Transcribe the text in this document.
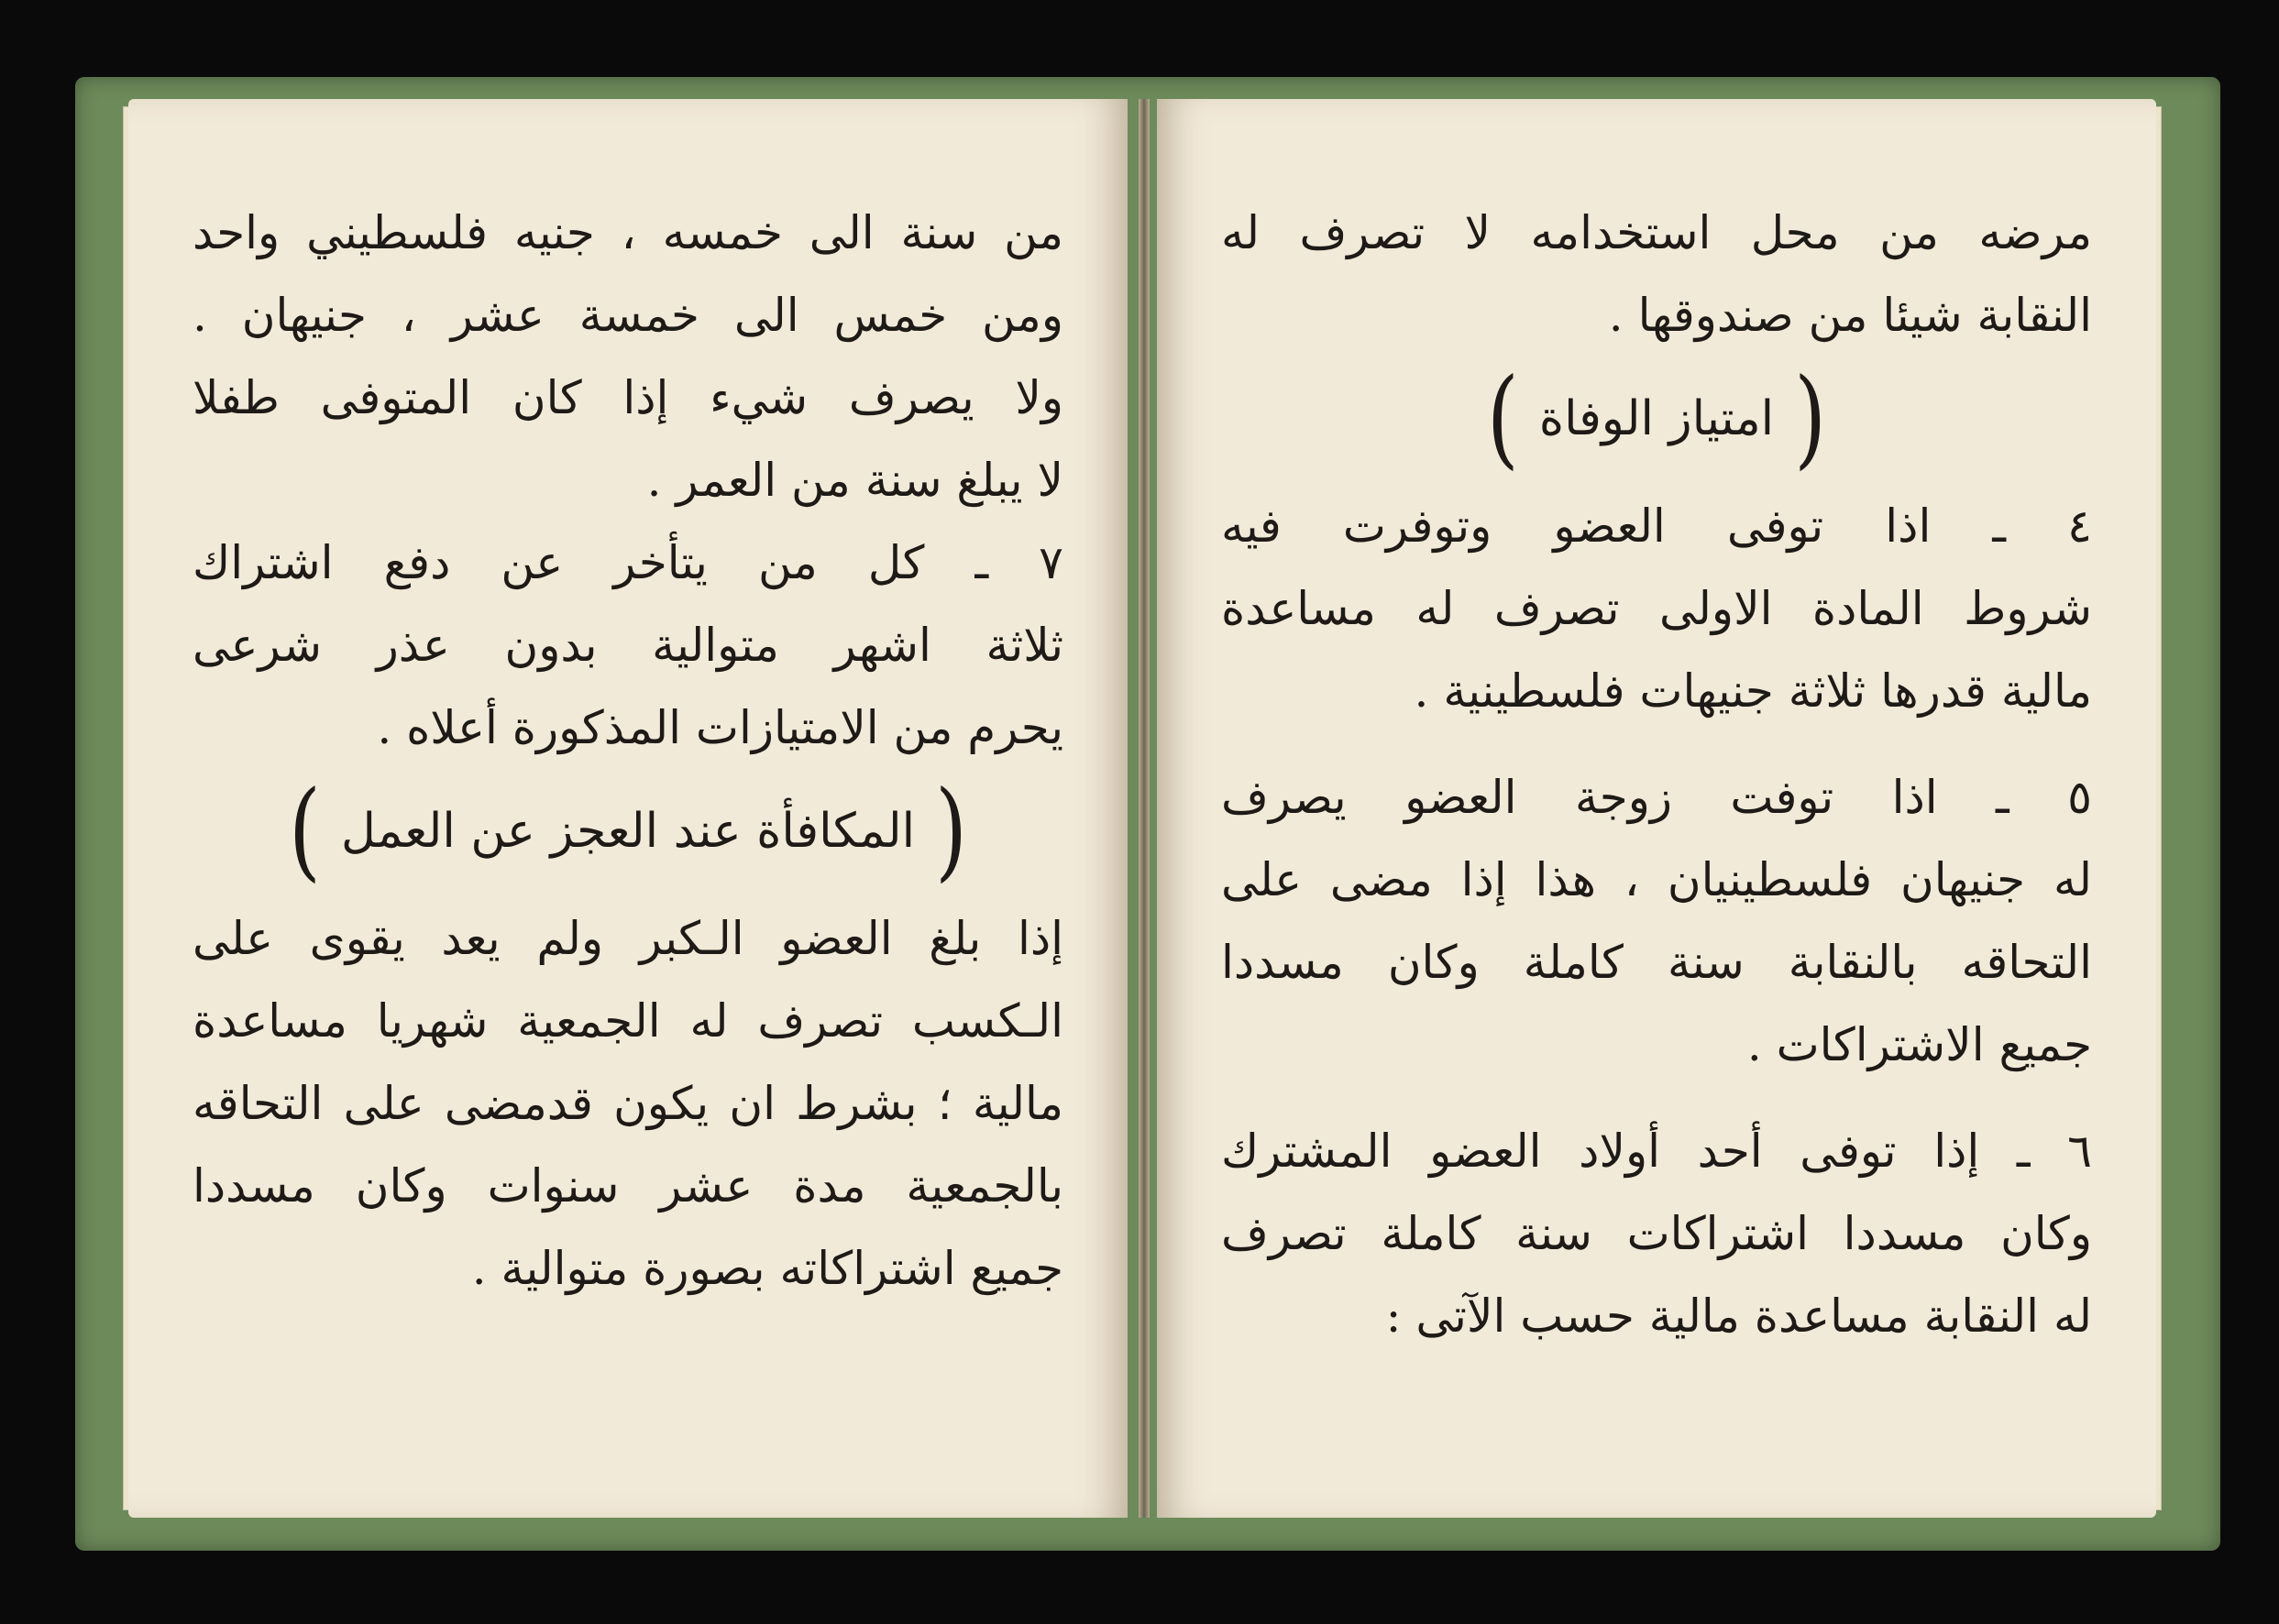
من سنة الى خمسه ، جنيه فلسطيني واحد
ومن خمس الى خمسة عشر ، جنيهان .
ولا يصرف شيء إذا كان المتوفى طفلا
لا يبلغ سنة من العمر .
٧ ـ كل من يتأخر عن دفع اشتراك
ثلاثة اشهر متوالية بدون عذر شرعى
يحرم من الامتيازات المذكورة أعلاه .
(المكافأة عند العجز عن العمل)
إذا بلغ العضو الـكبر ولم يعد يقوى على
الـكسب تصرف له الجمعية شهريا مساعدة
مالية ؛ بشرط ان يكون قدمضى على التحاقه
بالجمعية مدة عشر سنوات وكان مسددا
جميع اشتراكاته بصورة متوالية .
مرضه من محل استخدامه لا تصرف له
النقابة شيئا من صندوقها .
(امتياز الوفاة)
٤ ـ اذا توفى العضو وتوفرت فيه
شروط المادة الاولى تصرف له مساعدة
مالية قدرها ثلاثة جنيهات فلسطينية .
٥ ـ اذا توفت زوجة العضو يصرف
له جنيهان فلسطينيان ، هذا إذا مضى على
التحاقه بالنقابة سنة كاملة وكان مسددا
جميع الاشتراكات .
٦ ـ إذا توفى أحد أولاد العضو المشترك
وكان مسددا اشتراكات سنة كاملة تصرف
له النقابة مساعدة مالية حسب الآتى :
